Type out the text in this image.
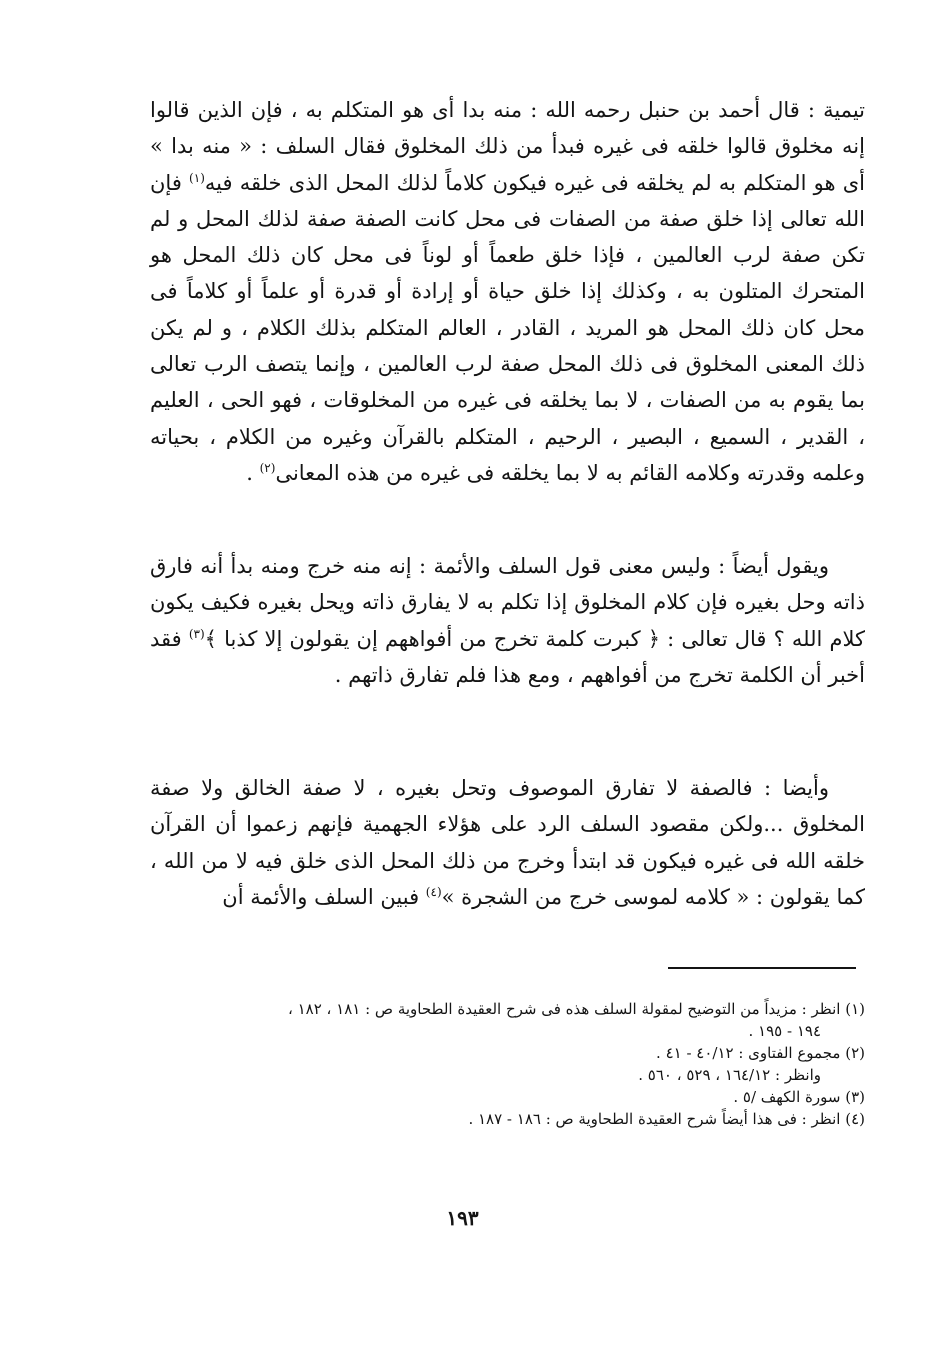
تيمية : قال أحمد بن حنبل رحمه الله : منه بدا أى هو المتكلم به ، فإن الذين قالوا إنه مخلوق قالوا خلقه فى غيره فبدأ من ذلك المخلوق فقال السلف : « منه بدا » أى هو المتكلم به لم يخلقه فى غيره فيكون كلاماً لذلك المحل الذى خلقه فيه$^{(١)}$ فإن الله تعالى إذا خلق صفة من الصفات فى محل كانت الصفة صفة لذلك المحل و لم تكن صفة لرب العالمين ، فإذا خلق طعماً أو لوناً فى محل كان ذلك المحل هو المتحرك المتلون به ، وكذلك إذا خلق حياة أو إرادة أو قدرة أو علماً أو كلاماً فى محل كان ذلك المحل هو المريد ، القادر ، العالم المتكلم بذلك الكلام ، و لم يكن ذلك المعنى المخلوق فى ذلك المحل صفة لرب العالمين ، وإنما يتصف الرب تعالى بما يقوم به من الصفات ، لا بما يخلقه فى غيره من المخلوقات ، فهو الحى ، العليم ، القدير ، السميع ، البصير ، الرحيم ، المتكلم بالقرآن وغيره من الكلام ، بحياته وعلمه وقدرته وكلامه القائم به لا بما يخلقه فى غيره من هذه المعانى$^{(٢)}$ .

ويقول أيضاً : وليس معنى قول السلف والأئمة : إنه منه خرج ومنه بدأ أنه فارق ذاته وحل بغيره فإن كلام المخلوق إذا تكلم به لا يفارق ذاته ويحل بغيره فكيف يكون كلام الله ؟ قال تعالى : ﴿ كبرت كلمة تخرج من أفواههم إن يقولون إلا كذبا ﴾$^{(٣)}$ فقد أخبر أن الكلمة تخرج من أفواههم ، ومع هذا فلم تفارق ذاتهم .

وأيضا : فالصفة لا تفارق الموصوف وتحل بغيره ، لا صفة الخالق ولا صفة المخلوق ...ولكن مقصود السلف الرد على هؤلاء الجهمية فإنهم زعموا أن القرآن خلقه الله فى غيره فيكون قد ابتدأ وخرج من ذلك المحل الذى خلق فيه لا من الله ، كما يقولون : « كلامه لموسى خرج من الشجرة »$^{(٤)}$ فبين السلف والأئمة أن

(١) انظر : مزيداً من التوضيح لمقولة السلف هذه فى شرح العقيدة الطحاوية ص : ١٨١ ، ١٨٢ ،
١٩٤ - ١٩٥ .

(٢) مجموع الفتاوى : ٤٠/١٢ - ٤١ .
وانظر : ١٦٤/١٢ ، ٥٢٩ ، ٥٦٠ .

(٣) سورة الكهف /٥ .

(٤) انظر : فى هذا أيضاً شرح العقيدة الطحاوية ص : ١٨٦ - ١٨٧ .

١٩٣
